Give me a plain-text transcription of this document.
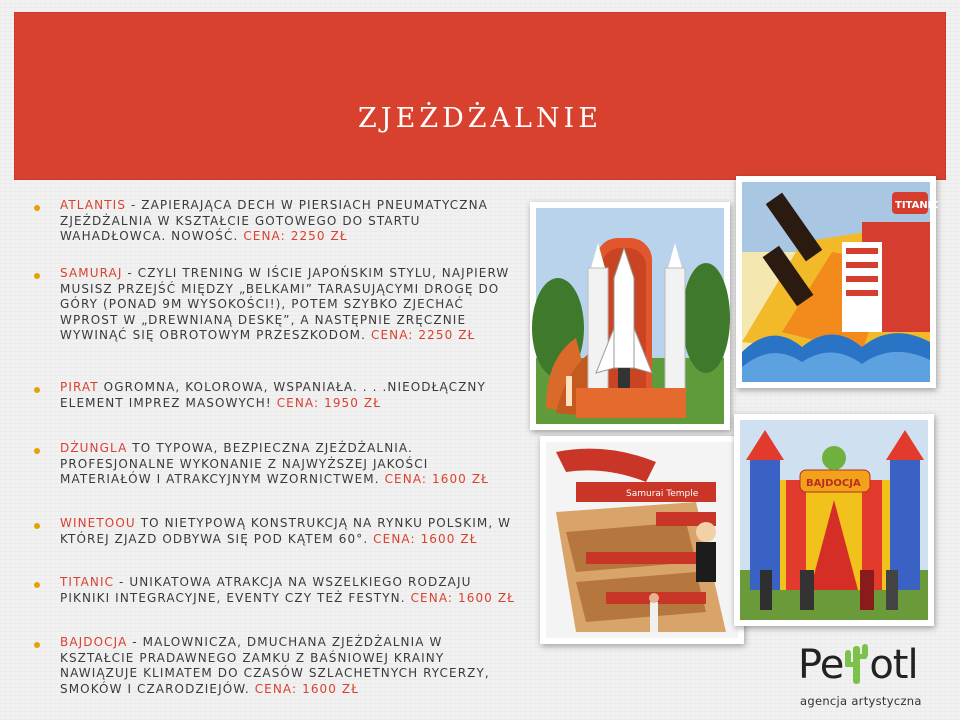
zjeżdżalnie

ATLANTIS - ZAPIERAJĄCA DECH W PIERSIACH PNEUMATYCZNA ZJEŻDŻALNIA W KSZTAŁCIE GOTOWEGO DO STARTU WAHADŁOWCA. NOWOŚĆ. CENA: 2250 ZŁ

SAMURAJ - CZYLI TRENING W IŚCIE JAPOŃSKIM STYLU, NAJPIERW MUSISZ PRZEJŚĆ MIĘDZY „BELKAMI” TARASUJĄCYMI DROGĘ DO GÓRY (PONAD 9M WYSOKOŚCI!), POTEM SZYBKO ZJECHAĆ WPROST W „DREWNIANĄ DESKĘ”, A NASTĘPNIE ZRĘCZNIE WYWINĄĆ SIĘ OBROTOWYM PRZESZKODOM. CENA: 2250 ZŁ

PIRAT OGROMNA, KOLOROWA, WSPANIAŁA. . . .NIEODŁĄCZNY ELEMENT IMPREZ MASOWYCH! CENA: 1950 ZŁ

DŻUNGLA TO TYPOWA, BEZPIECZNA ZJEŻDŻALNIA. PROFESJONALNE WYKONANIE Z NAJWYŻSZEJ JAKOŚCI MATERIAŁÓW I ATRAKCYJNYM WZORNICTWEM. CENA: 1600 ZŁ

WINETOOU TO NIETYPOWĄ KONSTRUKCJĄ NA RYNKU POLSKIM, W KTÓREJ ZJAZD ODBYWA SIĘ POD KĄTEM 60°. CENA: 1600 ZŁ

TITANIC - UNIKATOWA ATRAKCJA NA WSZELKIEGO RODZAJU PIKNIKI INTEGRACYJNE, EVENTY CZY TEŻ FESTYN. CENA: 1600 ZŁ

BAJDOCJA - MALOWNICZA, DMUCHANA ZJEŻDŻALNIA W KSZTAŁCIE PRADAWNEGO ZAMKU Z BAŚNIOWEJ KRAINY NAWIĄZUJE KLIMATEM DO CZASÓW SZLACHETNYCH RYCERZY, SMOKÓW I CZARODZIEJÓW. CENA: 1600 ZŁ

TITANIC
Samurai Temple
BAJDOCJA
Pe otl
agencja artystyczna
